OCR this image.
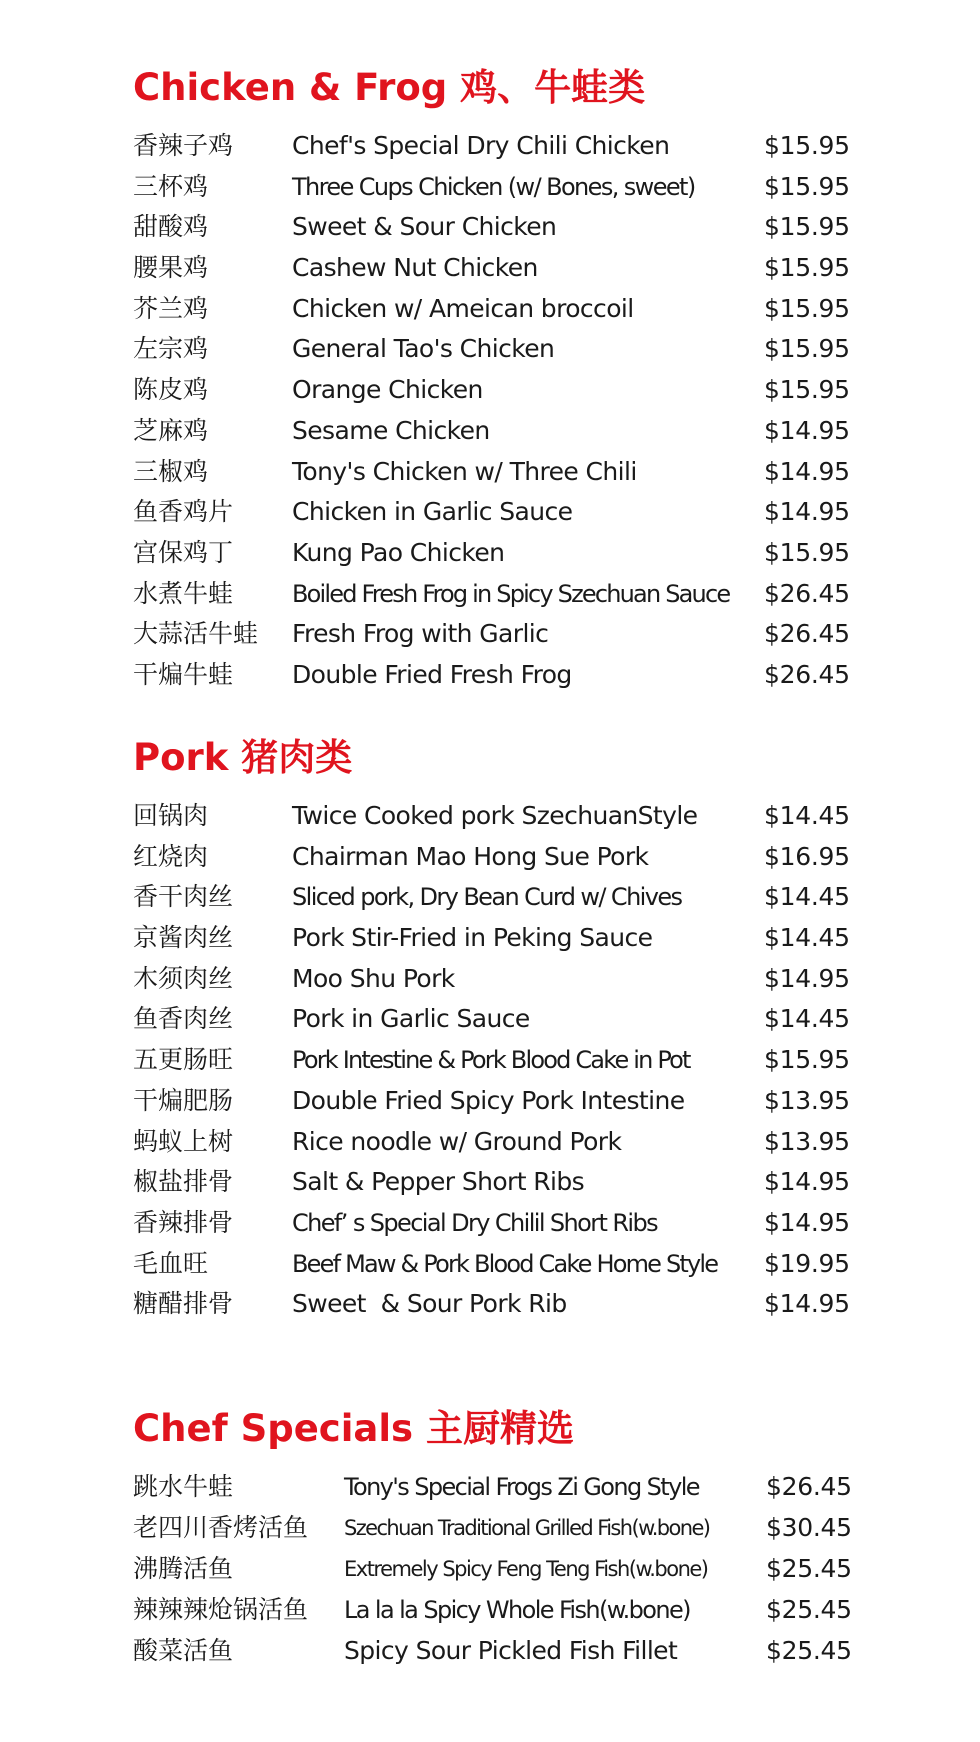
Chicken & Frog 鸡、牛蛙类
香辣子鸡 Chef's Special Dry Chili Chicken	$15.95
三杯鸡	Three Cups Chicken (w/ Bones, sweet)	$15.95
甜酸鸡	Sweet & Sour Chicken	$15.95
腰果鸡	Cashew Nut Chicken	$15.95
芥兰鸡	Chicken w/ Ameican broccoil	$15.95
左宗鸡	General Tao's Chicken	$15.95
陈皮鸡	Orange Chicken	$15.95
芝麻鸡	Sesame Chicken	$14.95
三椒鸡	Tony's Chicken w/ Three Chili	$14.95
鱼香鸡片 Chicken in Garlic Sauce	$14.95
宫保鸡丁 Kung Pao Chicken	$15.95
水煮牛蛙 Boiled Fresh Frog in Spicy Szechuan Sauce $26.45
大蒜活牛蛙 Fresh Frog with Garlic	$26.45
干煸牛蛙 Double Fried Fresh Frog	$26.45
Pork 猪肉类
回锅肉	Twice Cooked pork SzechuanStyle	$14.45
红烧肉	Chairman Mao Hong Sue Pork	$16.95
香干肉丝 Sliced pork, Dry Bean Curd w/ Chives	$14.45
京酱肉丝 Pork Stir-Fried in Peking Sauce	$14.45
木须肉丝 Moo Shu Pork	$14.95
鱼香肉丝 Pork in Garlic Sauce	$14.45
五更肠旺 Pork Intestine & Pork Blood Cake in Pot	$15.95
干煸肥肠 Double Fried Spicy Pork Intestine	$13.95
蚂蚁上树 Rice noodle w/ Ground Pork	$13.95
椒盐排骨 Salt & Pepper Short Ribs	$14.95
香辣排骨 Chef’ s Special Dry Chilil Short Ribs	$14.95
毛血旺	Beef Maw & Pork Blood Cake Home Style $19.95
糖醋排骨 Sweet  & Sour Pork Rib	$14.95
Chef Specials 主厨精选
跳水牛蛙	Tony's Special Frogs Zi Gong Style	$26.45
老四川香烤活鱼 Szechuan Traditional Grilled Fish(w.bone) $30.45
沸腾活鱼	Extremely Spicy Feng Teng Fish(w.bone) $25.45
辣辣辣炝锅活鱼 La la la Spicy Whole Fish(w.bone)	$25.45
酸菜活鱼	Spicy Sour Pickled Fish Fillet	$25.45
